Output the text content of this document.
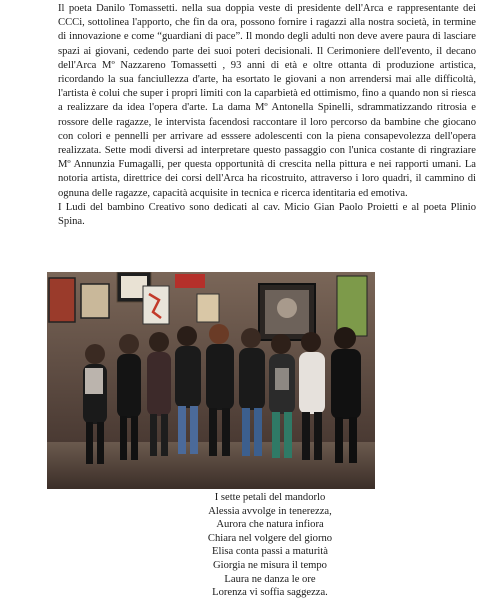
Il poeta Danilo Tomassetti. nella sua doppia veste di presidente dell'Arca e rappresentante dei CCCi, sottolinea l'apporto, che fin da ora, possono fornire i ragazzi alla nostra società, in termine di innovazione e come “guardiani di pace”. Il mondo degli adulti non deve avere paura di lasciare spazi ai giovani, cedendo parte dei suoi poteri decisionali. Il Cerimoniere dell'evento, il decano dell'Arca Mº Nazzareno Tomassetti , 93 anni di età e oltre ottanta di produzione artistica, ricordando la sua fanciullezza d'arte, ha esortato le giovani a non arrendersi mai alle difficoltà, l'artista è colui che super i propri limiti con la caparbietà ed ottimismo, fino a quando non si riesca a realizzare da idea l'opera d'arte. La dama Mº Antonella Spinelli, sdrammatizzando ritrosia e rossore delle ragazze, le intervista facendosi raccontare il loro percorso da bambine che giocano con colori e pennelli per arrivare ad esssere adolescenti con la piena consapevolezza dell'opera realizzata. Sette modi diversi ad interpretare questo passaggio con l'unica costante di ringraziare Mº Annunzia Fumagalli, per questa opportunità di crescita nella pittura e nei rapporti umani. La notoria artista, direttrice dei corsi dell'Arca ha ricostruito, attraverso i loro quadri, il cammino di ognuna delle ragazze, capacità acquisite in tecnica e ricerca identitaria ed emotiva.

I Ludi del bambino Creativo sono dedicati al cav. Micio Gian Paolo Proietti e al poeta Plinio Spina.

I sette petali del mandorlo
Alessia avvolge in tenerezza,
Aurora che natura infiora
Chiara nel volgere del giorno
Elisa conta passi a maturità
Giorgia ne misura il tempo
Laura ne danza le ore
Lorenza vi soffia saggezza.
